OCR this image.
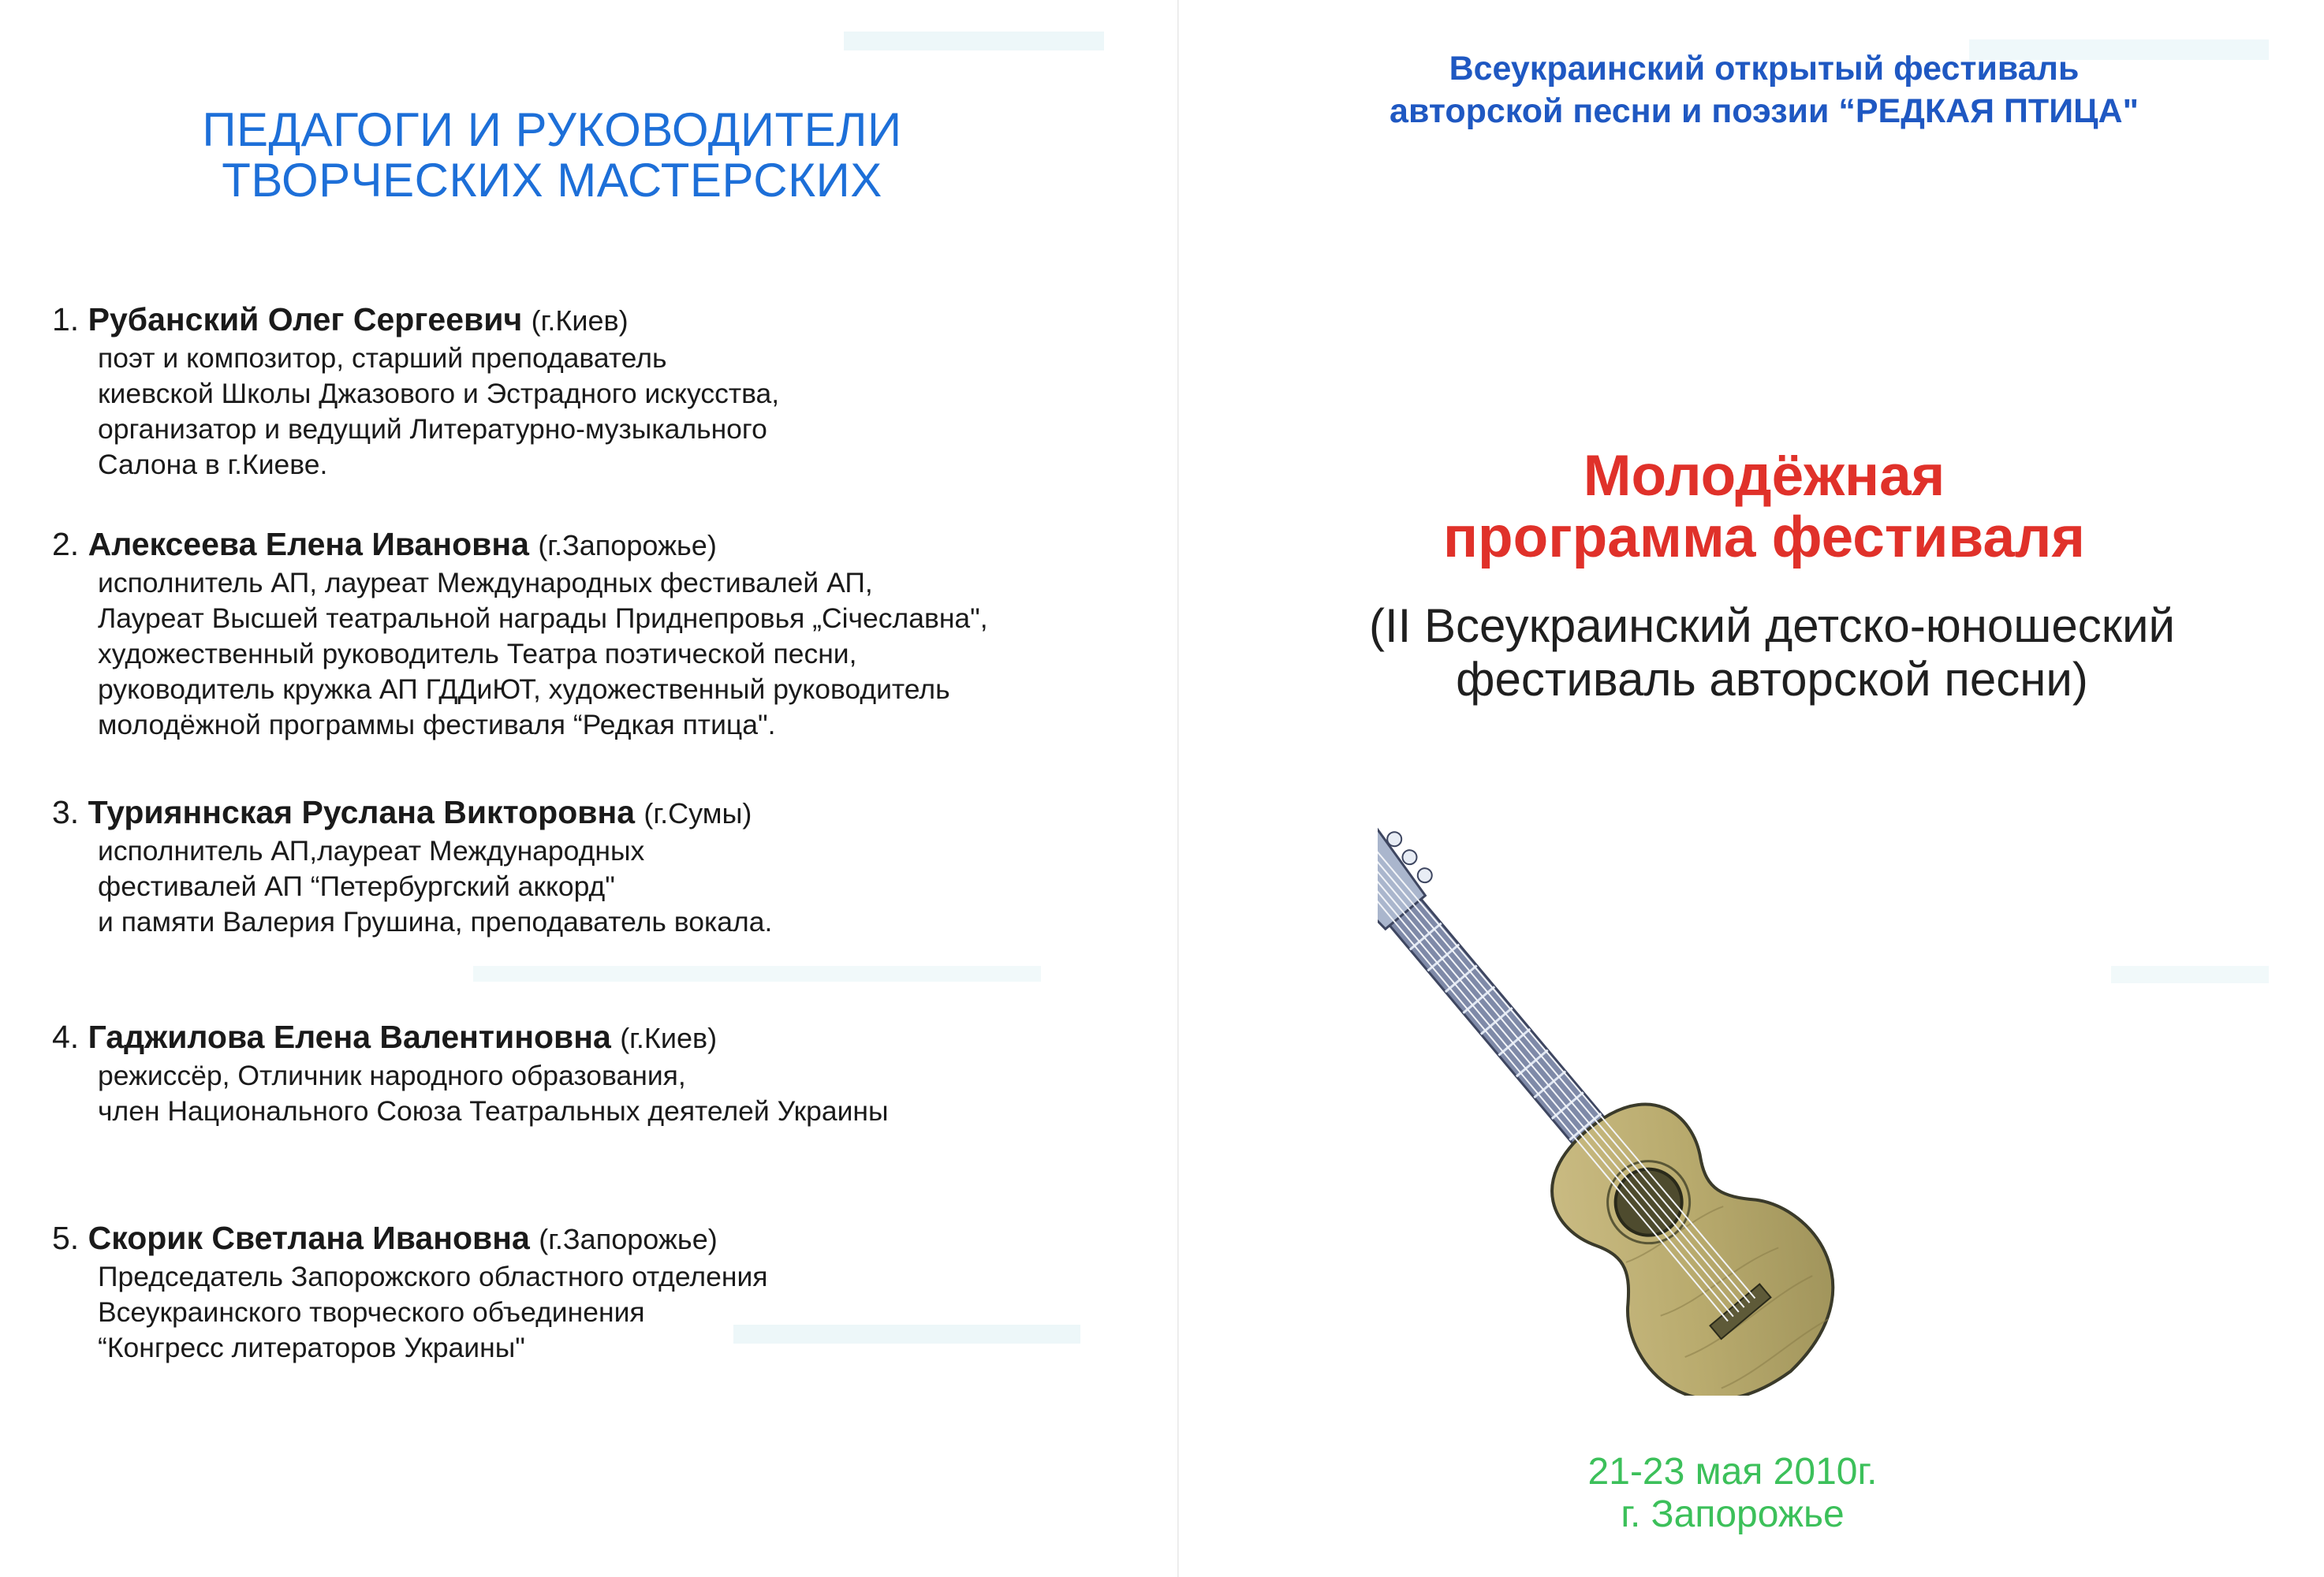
ПЕДАГОГИ И РУКОВОДИТЕЛИ
ТВОРЧЕСКИХ МАСТЕРСКИХ
1. Рубанский Олег Сергеевич (г.Киев)
поэт и композитор, старший преподаватель
киевской Школы Джазового и Эстрадного искусства,
организатор и ведущий Литературно-музыкального
Салона в г.Киеве.
2. Алексеева Елена Ивановна (г.Запорожье)
исполнитель АП, лауреат Международных фестивалей АП,
Лауреат Высшей театральной награды Приднепровья „Січеславна",
художественный руководитель Театра поэтической песни,
руководитель кружка АП ГДДиЮТ, художественный руководитель
молодёжной программы фестиваля “Редкая птица".
3. Турияннская Руслана Викторовна (г.Сумы)
исполнитель АП,лауреат Международных
фестивалей АП “Петербургский аккорд"
и памяти Валерия Грушина, преподаватель вокала.
4. Гаджилова Елена Валентиновна (г.Киев)
режиссёр, Отличник народного образования,
член Национального Союза Театральных деятелей Украины
5. Скорик Светлана Ивановна (г.Запорожье)
Председатель Запорожского областного отделения
Всеукраинского творческого объединения
“Конгресс литераторов Украины"
Всеукраинский открытый фестиваль
авторской песни и поэзии “РЕДКАЯ ПТИЦА"
Молодёжная
программа фестиваля
(II Всеукраинский детско-юношеский
фестиваль авторской песни)
21-23 мая 2010г.
г. Запорожье
